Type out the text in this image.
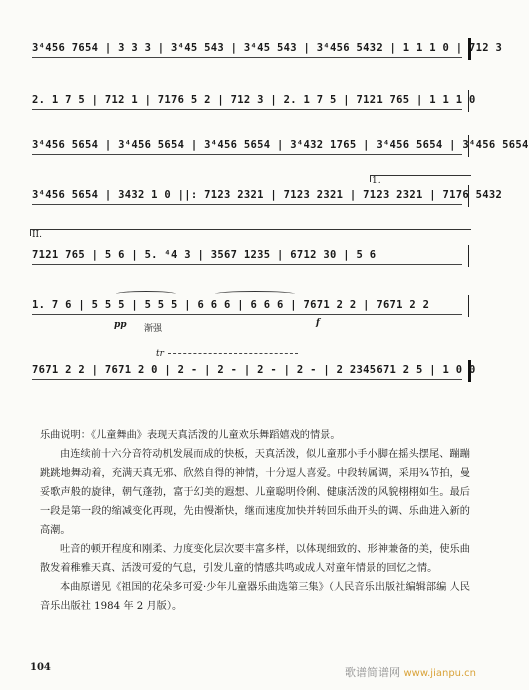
3⁴456 7654 | 3 3 3 | 3⁴45 543 | 3⁴45 543 | 3⁴456 5432 | 1 1 1 0 | 712 3
2. 1 7 5 | 712 1 | 7176 5 2 | 712 3 | 2. 1 7 5 | 7121 765 | 1 1 1 0
3⁴456 5654 | 3⁴456 5654 | 3⁴456 5654 | 3⁴432 1765 | 3⁴456 5654 | 3⁴456 5654
3⁴456 5654 | 3432 1 0 ||: 7123 2321 | 7123 2321 | 7123 2321 | 7176 5432
1.
7121 765 | 5 6 | 5. ⁴4 3 | 3567 1235 | 6712 30 | 5 6
II.
1. 7 6 | 5 5 5 | 5 5 5 | 6 6 6 | 6 6 6 | 7671 2 2 | 7671 2 2
pp 渐强
f
7671 2 2 | 7671 2 0 | 2 - | 2 - | 2 - | 2 - | 2 2345671 2 5 | 1 0 0
tr
乐曲说明：《儿童舞曲》表现天真活泼的儿童欢乐舞蹈嬉戏的情景。
由连续前十六分音符动机发展而成的快板，天真活泼，似儿童那小手小脚在摇头摆尾、蹦蹦跳跳地舞动着，充满天真无邪、欣然自得的神情，十分逗人喜爱。中段转属调，采用¾节拍，曼妥歌声般的旋律，朝气蓬勃，富于幻美的遐想、儿童聪明伶俐、健康活泼的风貌栩栩如生。最后一段是第一段的缩减变化再现，先由慢渐快，继而速度加快并转回乐曲开头的调、乐曲进入新的高潮。
吐音的顿开程度和刚柔、力度变化层次要丰富多样，以体现细致的、形神兼备的美，使乐曲散发着稚雅天真、活泼可爱的气息，引发儿童的情感共鸣或成人对童年情景的回忆之情。
本曲原谱见《祖国的花朵多可爱·少年儿童器乐曲选第三集》（人民音乐出版社编辑部编 人民音乐出版社 1984 年 2 月版）。
104	歌谱简谱网 www.jianpu.cn
